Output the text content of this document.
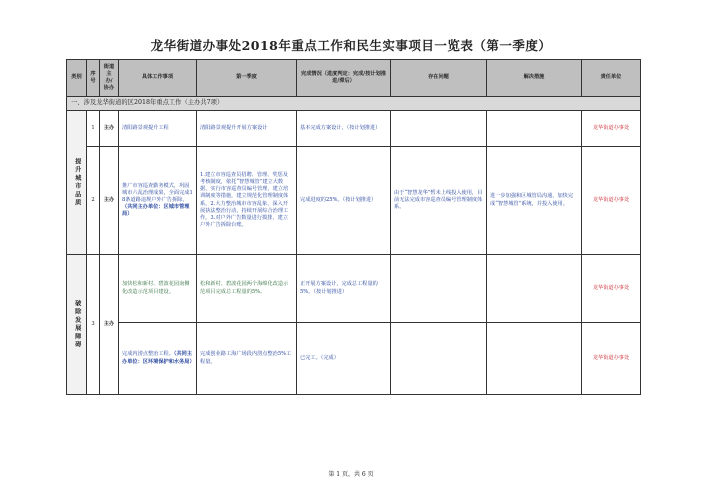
龙华街道办事处2018年重点工作和民生实事项目一览表（第一季度）
类别	序号	街道主办/协办	具体工作事项	第一季度	完成情况（进度判定：完成/按计划推进/滞后）	存在问题	解决措施	责任单位
一、涉及龙华街道的区2018年重点工作（主办共7项）								

提升城市品质	1	主办	清阳路景观提升工程	清阳路景观提升开展方案设计	基本完成方案设计，（按计划推进）			龙华街道办事处
	2	主办	推广市容巡查勤务模式，巩固城市六乱治理成果，全面完成18条道路违规户外广告拆除。（共同主办单位：区城市管理局）	1.建立市容巡查员招聘、管理、奖惩及考核制度，依托“智慧城管”建立大数据，实行市容巡查员编号管理，建立培训制度等措施，建立规范化管理制度体系。2.大力整治城市市容乱象，深入开展执法整治行动，持续开展综合治理工作。3.对户外广告数量进行摸排，建立户外广告拆除台账。	完成进度的25%。（按计划推进）	由于“智慧龙华”暂未上线投入使用，目前无法完成市容巡查员编号管理制度体系。	进一步加强和区城管局沟通，加快完成“智慧城管”系统，并投入使用。	龙华街道办事处

破除发展障碍	3	主办	加快松和新村、碧波花园南侧化改造示范项目建设。	松和新村、碧波花园两个海绵化改造示范项目完成总工程量的5%。	正开展方案设计，完成总工程量的5%。（按计划推进）			龙华街道办事处
			完成内涝点整治工程。（共同主办单位：区环境保护和水务局）	完成创业路工海广场段内涝点整治5%工程量。	已完工。（完成）			龙华街道办事处
第 1 页，共 6 页
